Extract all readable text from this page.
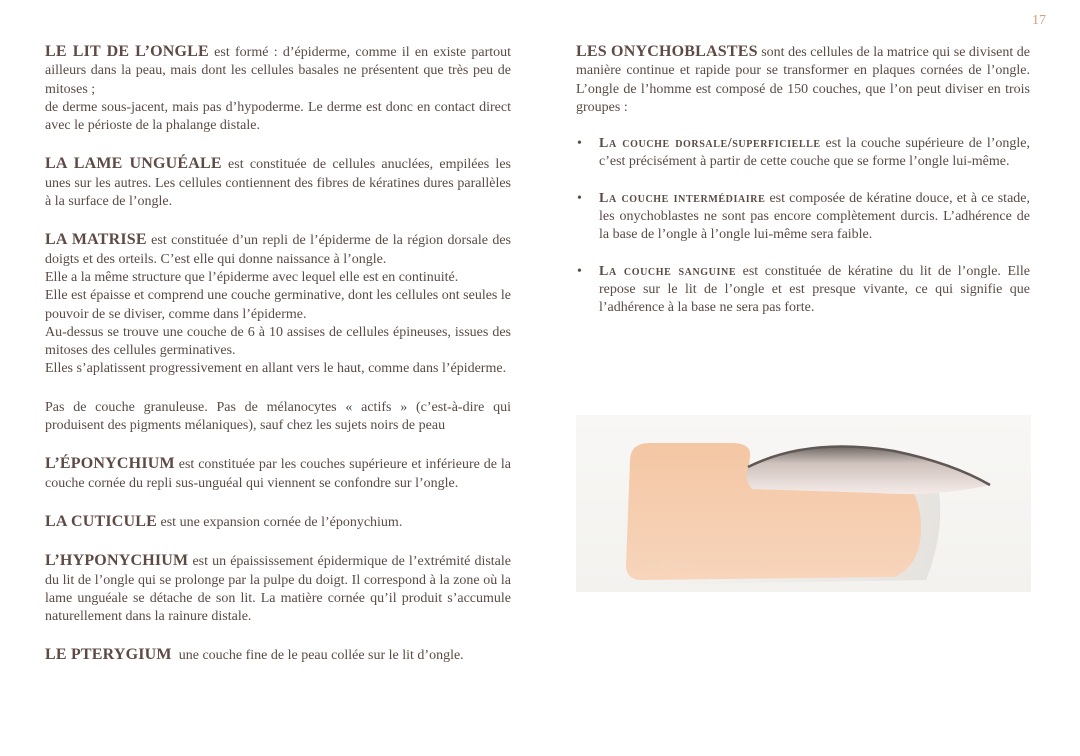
17

LE LIT DE L’ONGLE est formé : d’épiderme, comme il en existe partout ailleurs dans la peau, mais dont les cellules basales ne présentent que très peu de mitoses ;
de derme sous-jacent, mais pas d’hypoderme. Le derme est donc en contact direct avec le périoste de la phalange distale.

LA LAME UNGUÉALE est constituée de cellules anuclées, empilées les unes sur les autres. Les cellules contiennent des fibres de kératines dures parallèles à la surface de l’ongle.

LA MATRISE est constituée d’un repli de l’épiderme de la région dorsale des doigts et des orteils. C’est elle qui donne naissance à l’ongle.
Elle a la même structure que l’épiderme avec lequel elle est en continuité.
Elle est épaisse et comprend une couche germinative, dont les cellules ont seules le pouvoir de se diviser, comme dans l’épiderme.
Au-dessus se trouve une couche de 6 à 10 assises de cellules épineuses, issues des mitoses des cellules germinatives.
Elles s’aplatissent progressivement en allant vers le haut, comme dans l’épiderme.

Pas de couche granuleuse. Pas de mélanocytes « actifs » (c’est-à-dire qui produisent des pigments mélaniques), sauf chez les sujets noirs de peau

L’ÉPONYCHIUM est constituée par les couches supérieure et inférieure de la couche cornée du repli sus-unguéal qui viennent se confondre sur l’ongle.

LA CUTICULE est une expansion cornée de l’éponychium.

L’HYPONYCHIUM est un épaississement épidermique de l’extrémité distale du lit de l’ongle qui se prolonge par la pulpe du doigt. Il correspond à la zone où la lame unguéale se détache de son lit. La matière cornée qu’il produit s’accumule naturellement dans la rainure distale.

LE PTERYGIUM  une couche fine de le peau collée sur le lit d’ongle.

LES ONYCHOBLASTES sont des cellules de la matrice qui se divisent de manière continue et rapide pour se transformer en plaques cornées de l’ongle. L’ongle de l’homme est composé de 150 couches, que l’on peut diviser en trois groupes :

• La couche dorsale/superficielle est la couche supérieure de l’ongle, c’est précisément à partir de cette couche que se forme l’ongle lui-même.
• La couche intermédiaire est composée de kératine douce, et à ce stade, les onychoblastes ne sont pas encore complètement durcis. L’adhérence de la base de l’ongle à l’ongle lui-même sera faible.
• La couche sanguine est constituée de kératine du lit de l’ongle. Elle repose sur le lit de l’ongle et est presque vivante, ce qui signifie que l’adhérence à la base ne sera pas forte.
@nail_olesya
